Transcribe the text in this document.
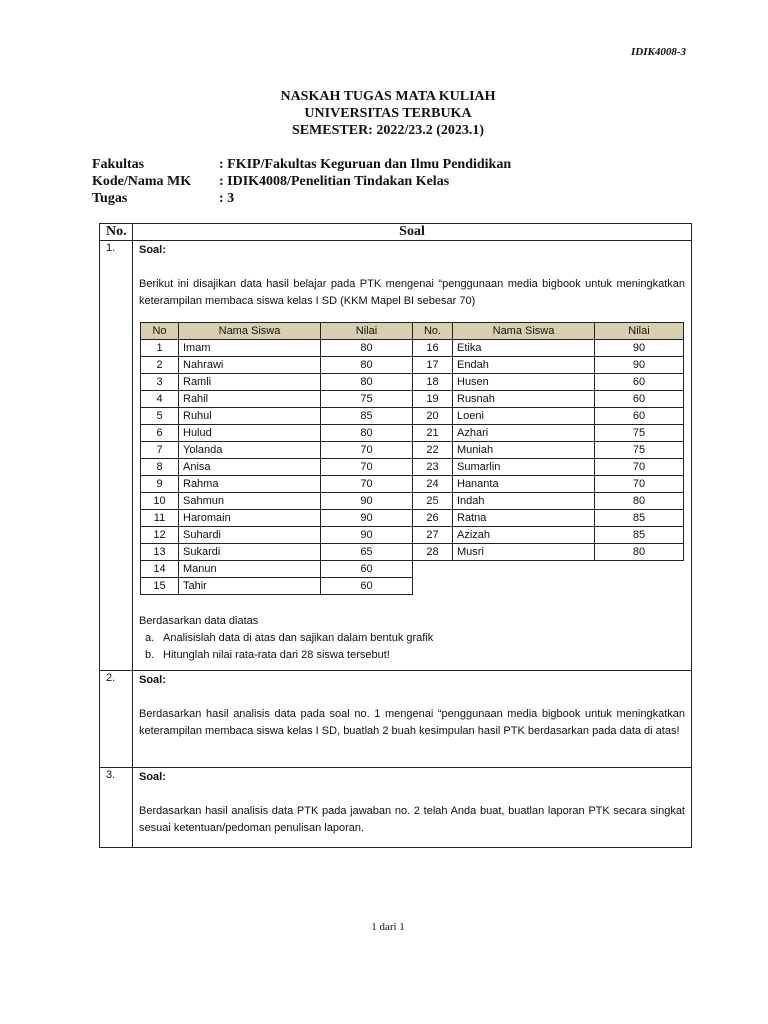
IDIK4008-3
NASKAH TUGAS MATA KULIAH
UNIVERSITAS TERBUKA
SEMESTER: 2022/23.2 (2023.1)
Fakultas	: FKIP/Fakultas Keguruan dan Ilmu Pendidikan
Kode/Nama MK	: IDIK4008/Penelitian Tindakan Kelas
Tugas	: 3
No.	Soal
1.	Soal:

Berikut ini disajikan data hasil belajar pada PTK mengenai “penggunaan media bigbook untuk meningkatkan keterampilan membaca siswa kelas I SD (KKM Mapel BI sebesar 70)

No	Nama Siswa	Nilai	No.	Nama Siswa	Nilai
1	Imam	80	16	Etika	90
2	Nahrawi	80	17	Endah	90
3	Ramli	80	18	Husen	60
4	Rahil	75	19	Rusnah	60
5	Ruhul	85	20	Loeni	60
6	Hulud	80	21	Azhari	75
7	Yolanda	70	22	Muniah	75
8	Anisa	70	23	Sumarlin	70
9	Rahma	70	24	Hananta	70
10	Sahmun	90	25	Indah	80
11	Haromain	90	26	Ratna	85
12	Suhardi	90	27	Azizah	85
13	Sukardi	65	28	Musri	80
14	Manun	60			
15	Tahir	60			
Berdasarkan data diatas
a. Analisislah data di atas dan sajikan dalam bentuk grafik
b. Hitunglah nilai rata-rata dari 28 siswa tersebut!

2.	Soal:

Berdasarkan hasil analisis data pada soal no. 1 mengenai “penggunaan media bigbook untuk meningkatkan keterampilan membaca siswa kelas I SD, buatlah 2 buah kesimpulan hasil PTK berdasarkan pada data di atas!

3.	Soal:

Berdasarkan hasil analisis data PTK pada jawaban no. 2 telah Anda buat, buatlan laporan PTK secara singkat sesuai ketentuan/pedoman penulisan laporan.

1 dari 1
